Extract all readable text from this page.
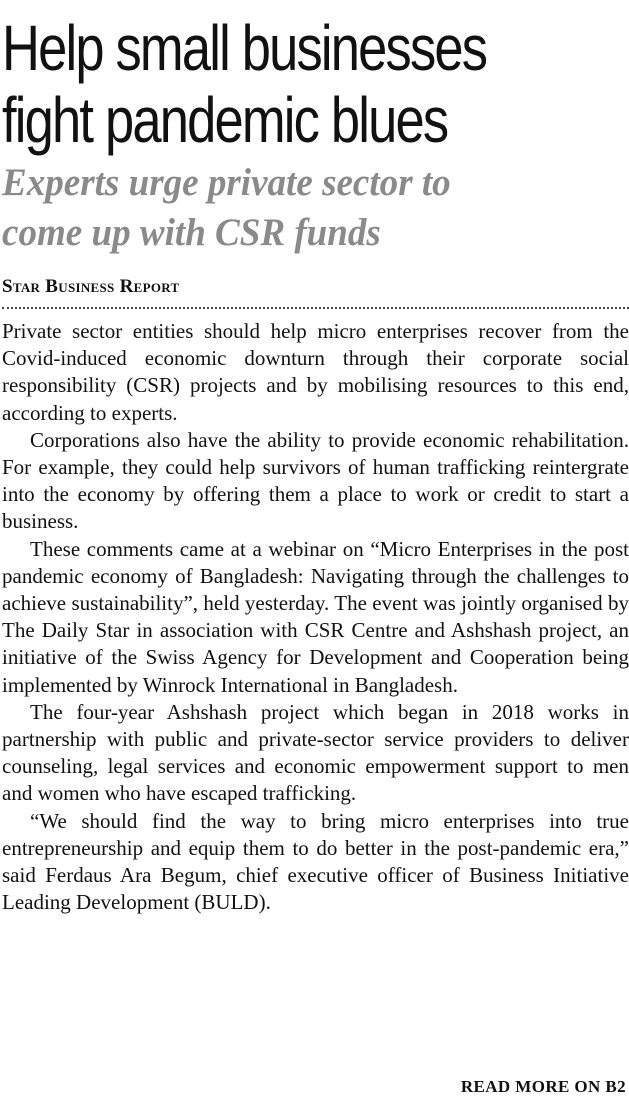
Help small businesses
fight pandemic blues
Experts urge private sector to
come up with CSR funds
Star Business Report

Private sector entities should help micro enterprises recover from the Covid-induced economic downturn through their corporate social responsibility (CSR) projects and by mobilising resources to this end, according to experts.

Corporations also have the ability to provide economic rehabilitation. For example, they could help survivors of human trafficking reintergrate into the economy by offering them a place to work or credit to start a business.

These comments came at a webinar on “Micro Enterprises in the post pandemic economy of Bangladesh: Navigating through the challenges to achieve sustainability”, held yesterday. The event was jointly organised by The Daily Star in association with CSR Centre and Ashshash project, an initiative of the Swiss Agency for Development and Cooperation being implemented by Winrock International in Bangladesh.

The four-year Ashshash project which began in 2018 works in partnership with public and private-sector service providers to deliver counseling, legal services and economic empowerment support to men and women who have escaped trafficking.

“We should find the way to bring micro enterprises into true entrepreneurship and equip them to do better in the post-pandemic era,” said Ferdaus Ara Begum, chief executive officer of Business Initiative Leading Development (BULD).

READ MORE ON B2
